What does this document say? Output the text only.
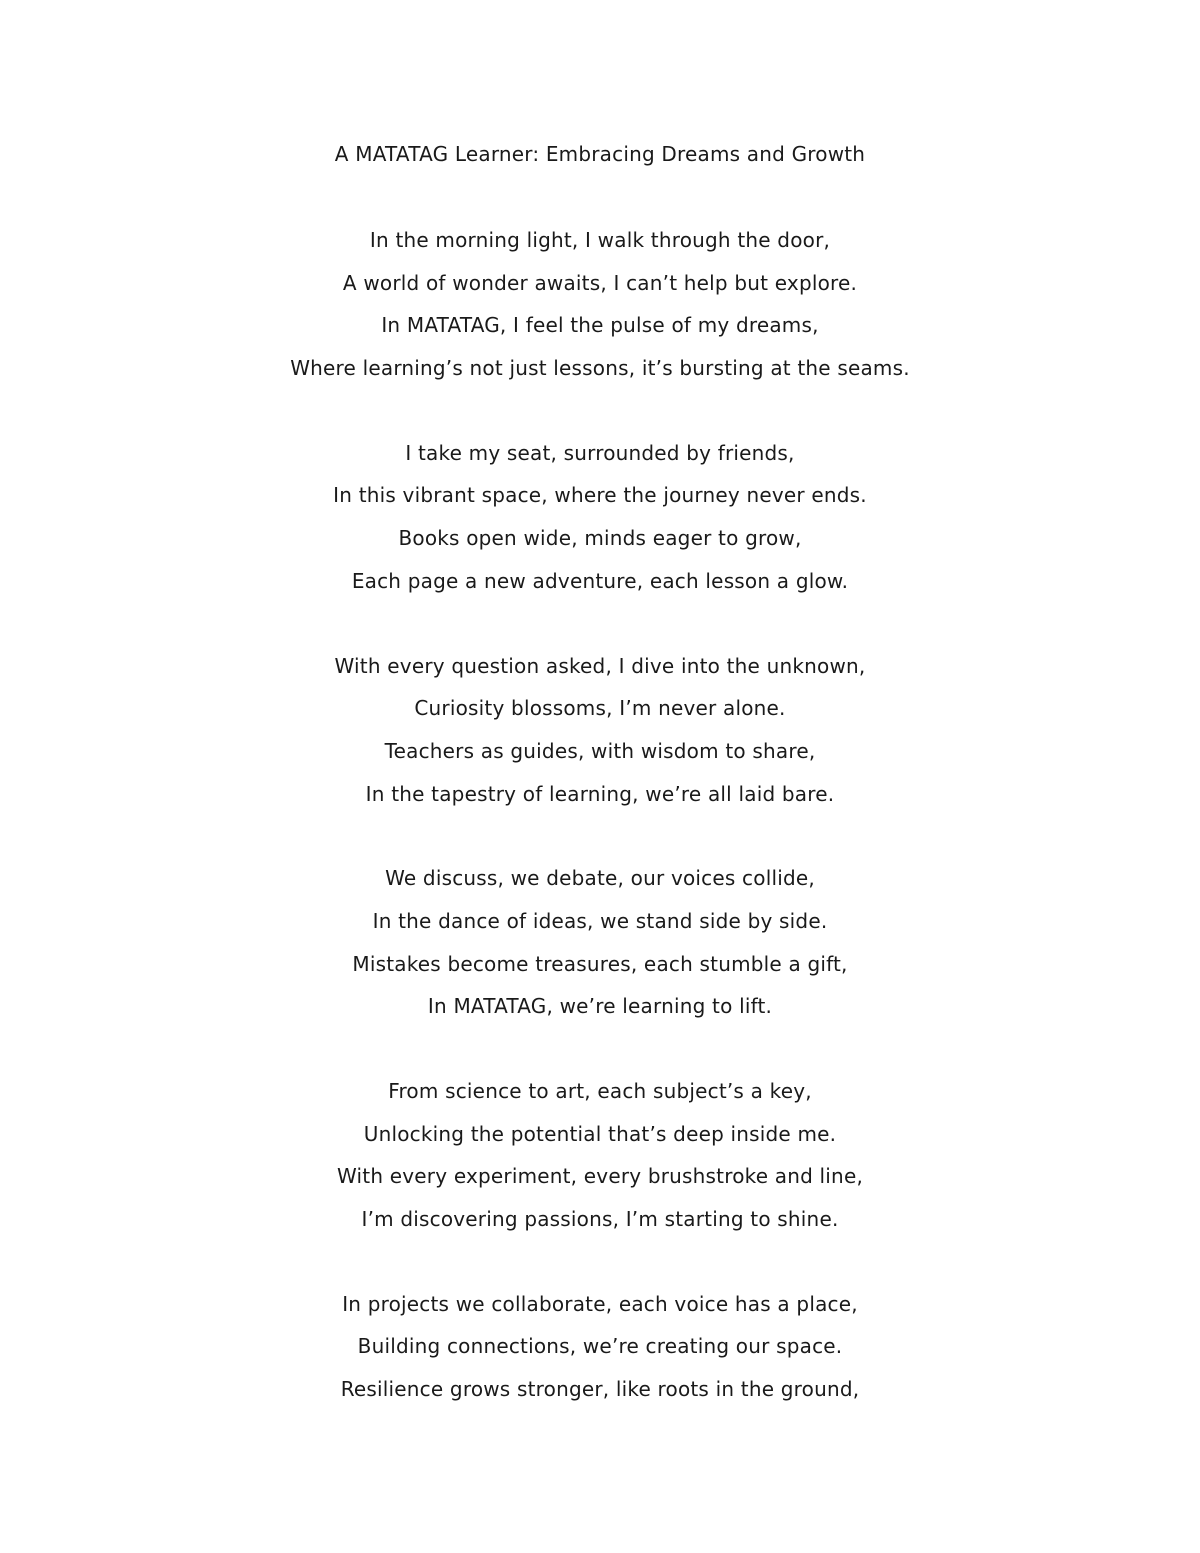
A MATATAG Learner: Embracing Dreams and Growth
In the morning light, I walk through the door,
A world of wonder awaits, I can’t help but explore.
In MATATAG, I feel the pulse of my dreams,
Where learning’s not just lessons, it’s bursting at the seams.
I take my seat, surrounded by friends,
In this vibrant space, where the journey never ends.
Books open wide, minds eager to grow,
Each page a new adventure, each lesson a glow.
With every question asked, I dive into the unknown,
Curiosity blossoms, I’m never alone.
Teachers as guides, with wisdom to share,
In the tapestry of learning, we’re all laid bare.
We discuss, we debate, our voices collide,
In the dance of ideas, we stand side by side.
Mistakes become treasures, each stumble a gift,
In MATATAG, we’re learning to lift.
From science to art, each subject’s a key,
Unlocking the potential that’s deep inside me.
With every experiment, every brushstroke and line,
I’m discovering passions, I’m starting to shine.
In projects we collaborate, each voice has a place,
Building connections, we’re creating our space.
Resilience grows stronger, like roots in the ground,
